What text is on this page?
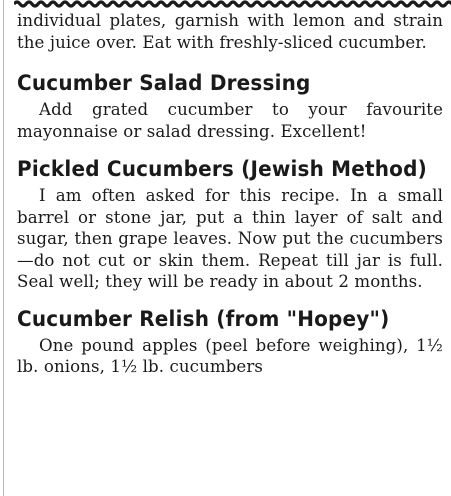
individual plates, garnish with lemon and strain the juice over. Eat with freshly-sliced cucumber.

Cucumber Salad Dressing

Add grated cucumber to your favourite mayonnaise or salad dressing. Excellent!

Pickled Cucumbers (Jewish Method)

I am often asked for this recipe. In a small barrel or stone jar, put a thin layer of salt and sugar, then grape leaves. Now put the cucumbers—do not cut or skin them. Repeat till jar is full. Seal well; they will be ready in about 2 months.

Cucumber Relish (from "Hopey")

One pound apples (peel before weighing), 1½ lb. onions, 1½ lb. cucumbers
